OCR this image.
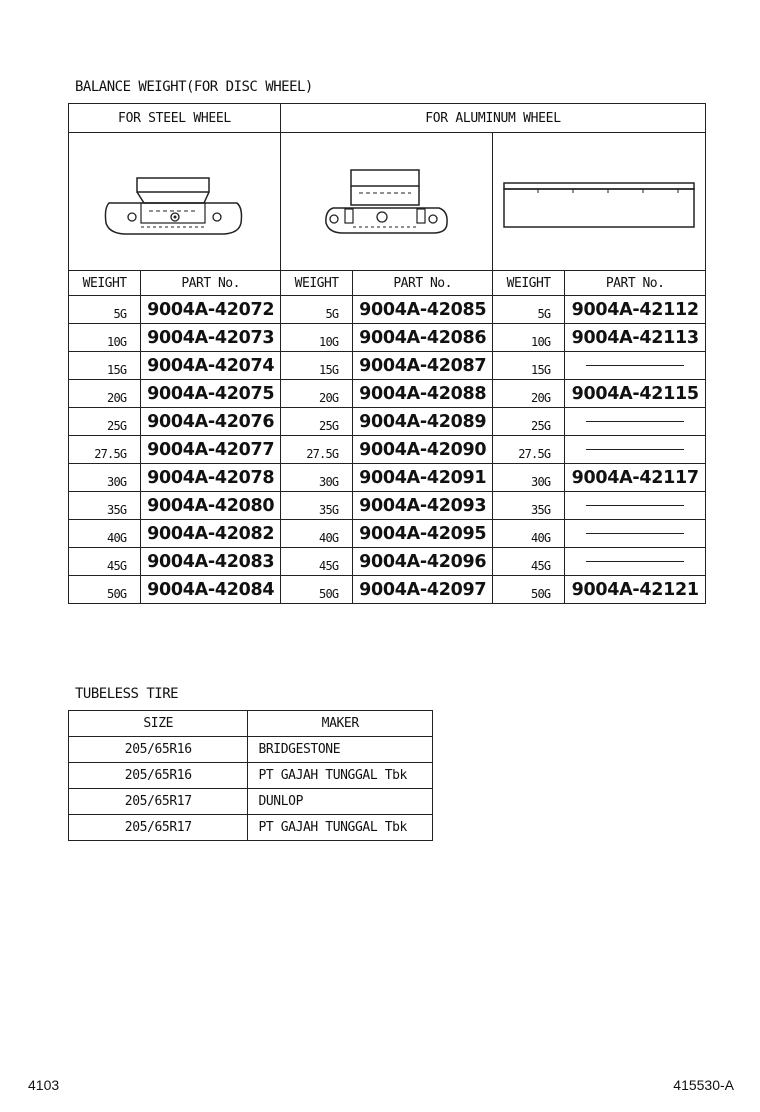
BALANCE WEIGHT(FOR DISC WHEEL)
FOR STEEL WHEEL		FOR ALUMINUM WHEEL			

WEIGHT	PART No.	WEIGHT	PART No.	WEIGHT	PART No.
5G	9004A-42072	5G	9004A-42085	5G	9004A-42112
10G	9004A-42073	10G	9004A-42086	10G	9004A-42113
15G	9004A-42074	15G	9004A-42087	15G	
20G	9004A-42075	20G	9004A-42088	20G	9004A-42115
25G	9004A-42076	25G	9004A-42089	25G	
27.5G	9004A-42077	27.5G	9004A-42090	27.5G	
30G	9004A-42078	30G	9004A-42091	30G	9004A-42117
35G	9004A-42080	35G	9004A-42093	35G	
40G	9004A-42082	40G	9004A-42095	40G	
45G	9004A-42083	45G	9004A-42096	45G	
50G	9004A-42084	50G	9004A-42097	50G	9004A-42121
TUBELESS TIRE
SIZE	MAKER
205/65R16	BRIDGESTONE
205/65R16	PT GAJAH TUNGGAL Tbk
205/65R17	DUNLOP
205/65R17	PT GAJAH TUNGGAL Tbk
4103	415530-A
